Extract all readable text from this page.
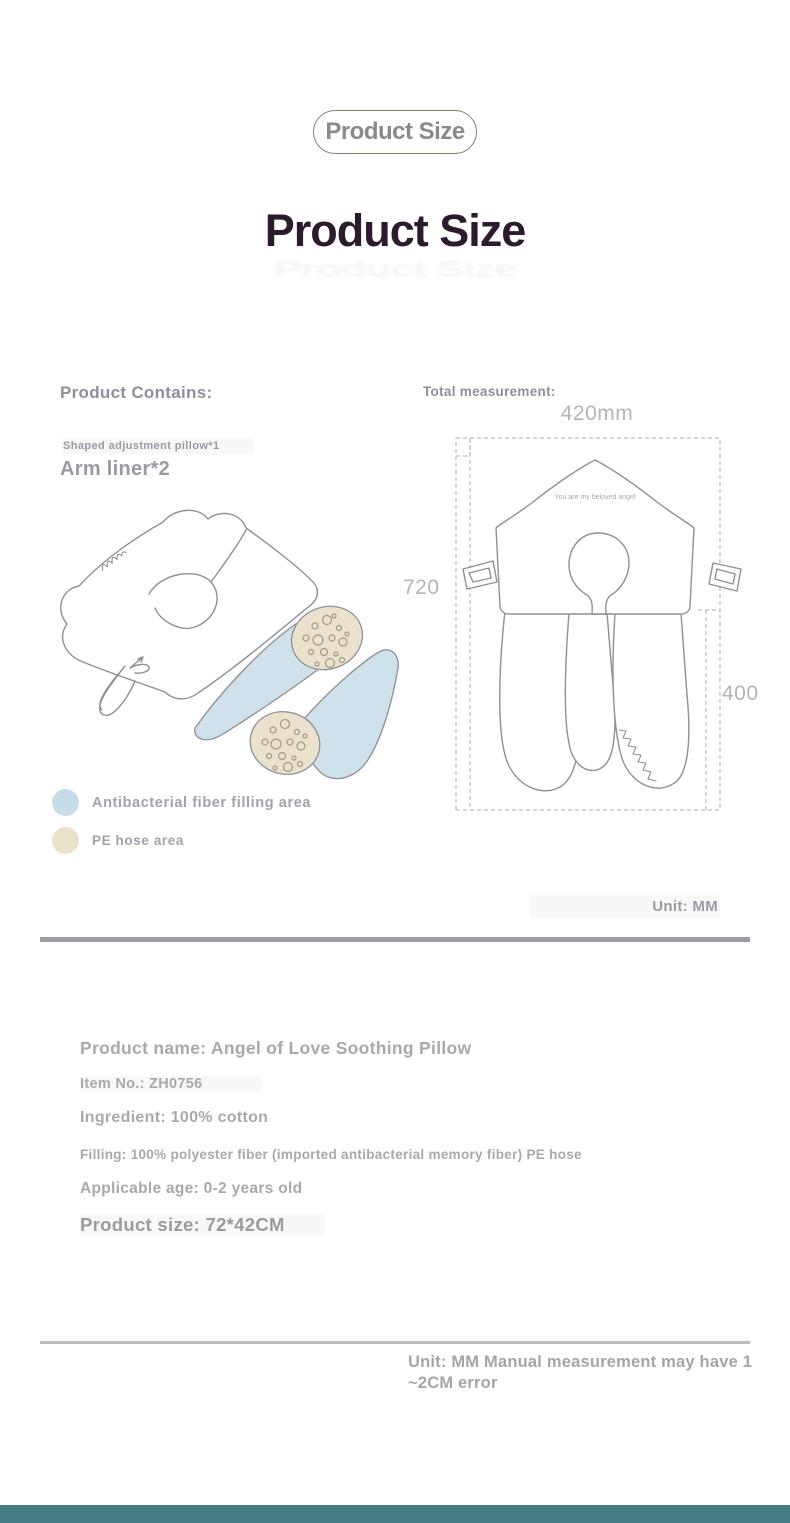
Product Size
Product Size
Product Size
Product Contains:
Shaped adjustment pillow*1
Arm liner*2
Total measurement:
420mm
720
400
You are my beloved angel
Antibacterial fiber filling area
PE hose area
Unit: MM
Product name: Angel of Love Soothing Pillow
Item No.: ZH0756
Ingredient: 100% cotton
Filling: 100% polyester fiber (imported antibacterial memory fiber) PE hose
Applicable age: 0-2 years old
Product size: 72*42CM
Unit: MM Manual measurement may have 1 ~2CM error
